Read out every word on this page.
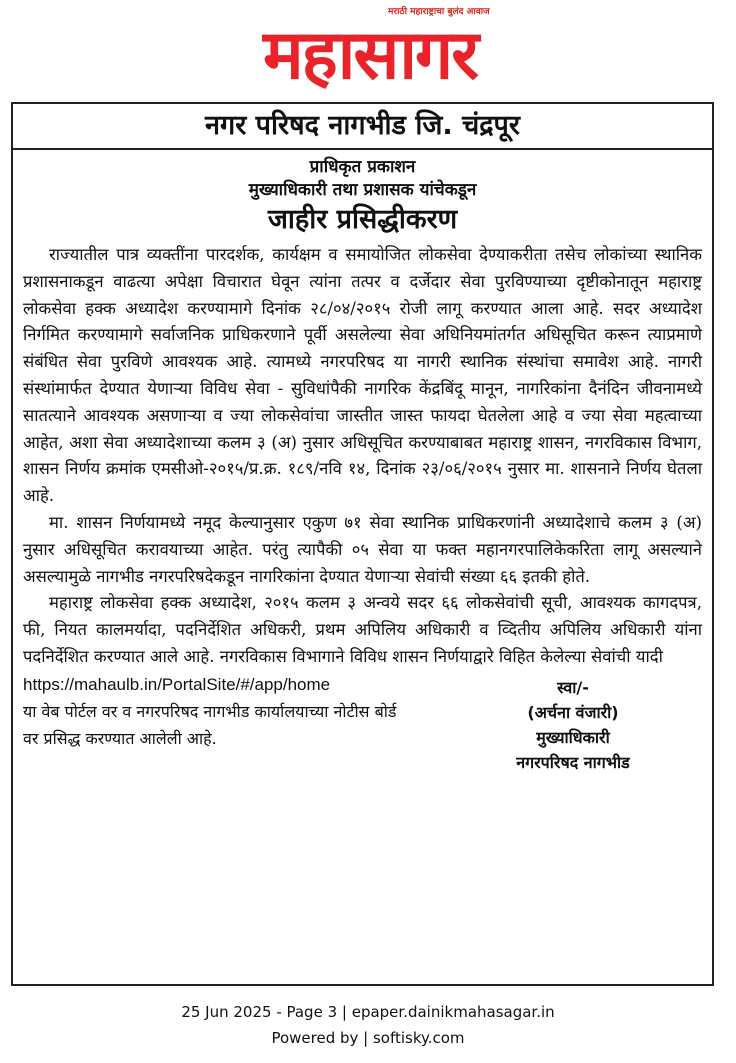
मराठी महाराष्ट्राचा बुलंद आवाज
महासागर
नगर परिषद नागभीड जि. चंद्रपूर
प्राधिकृत प्रकाशन
मुख्याधिकारी तथा प्रशासक यांचेकडून
जाहीर प्रसिद्धीकरण

राज्यातील पात्र व्यक्तींना पारदर्शक, कार्यक्षम व समायोजित लोकसेवा देण्याकरीता तसेच लोकांच्या स्थानिक प्रशासनाकडून वाढत्या अपेक्षा विचारात घेवून त्यांना तत्पर व दर्जेदार सेवा पुरविण्याच्या दृष्टीकोनातून महाराष्ट्र लोकसेवा हक्क अध्यादेश करण्यामागे दिनांक २८/०४/२०१५ रोजी लागू करण्यात आला आहे. सदर अध्यादेश निर्गमित करण्यामागे सर्वाजनिक प्राधिकरणाने पूर्वी असलेल्या सेवा अधिनियमांतर्गत अधिसूचित करून त्याप्रमाणे संबंधित सेवा पुरविणे आवश्यक आहे. त्यामध्ये नगरपरिषद या नागरी स्थानिक संस्थांचा समावेश आहे. नागरी संस्थांमार्फत देण्यात येणाऱ्या विविध सेवा - सुविधांपैकी नागरिक केंद्रबिंदू मानून, नागरिकांना दैनंदिन जीवनामध्ये सातत्याने आवश्यक असणाऱ्या व ज्या लोकसेवांचा जास्तीत जास्त फायदा घेतलेला आहे व ज्या सेवा महत्वाच्या आहेत, अशा सेवा अध्यादेशाच्या कलम ३ (अ) नुसार अधिसूचित करण्याबाबत महाराष्ट्र शासन, नगरविकास विभाग, शासन निर्णय क्रमांक एमसीओ-२०१५/प्र.क्र. १८९/नवि १४, दिनांक २३/०६/२०१५ नुसार मा. शासनाने निर्णय घेतला आहे.

मा. शासन निर्णयामध्ये नमूद केल्यानुसार एकुण ७१ सेवा स्थानिक प्राधिकरणांनी अध्यादेशाचे कलम ३ (अ) नुसार अधिसूचित करावयाच्या आहेत. परंतु त्यापैकी ०५ सेवा या फक्त महानगरपालिकेकरिता लागू असल्याने असल्यामुळे नागभीड नगरपरिषदेकडून नागरिकांना देण्यात येणाऱ्या सेवांची संख्या ६६ इतकी होते.

महाराष्ट्र लोकसेवा हक्क अध्यादेश, २०१५ कलम ३ अन्वये सदर ६६ लोकसेवांची सूची, आवश्यक कागदपत्र, फी, नियत कालमर्यादा, पदनिर्देशित अधिकरी, प्रथम अपिलिय अधिकारी व व्दितीय अपिलिय अधिकारी यांना पदनिर्देशित करण्यात आले आहे. नगरविकास विभागाने विविध शासन निर्णयाद्वारे विहित केलेल्या सेवांची यादी

https://mahaulb.in/PortalSite/#/app/home
या वेब पोर्टल वर व नगरपरिषद नागभीड कार्यालयाच्या नोटीस बोर्ड वर प्रसिद्ध करण्यात आलेली आहे.
स्वा/-
(अर्चना वंजारी)
मुख्याधिकारी
नगरपरिषद नागभीड
25 Jun 2025 - Page 3 | epaper.dainikmahasagar.in
Powered by | softisky.com
